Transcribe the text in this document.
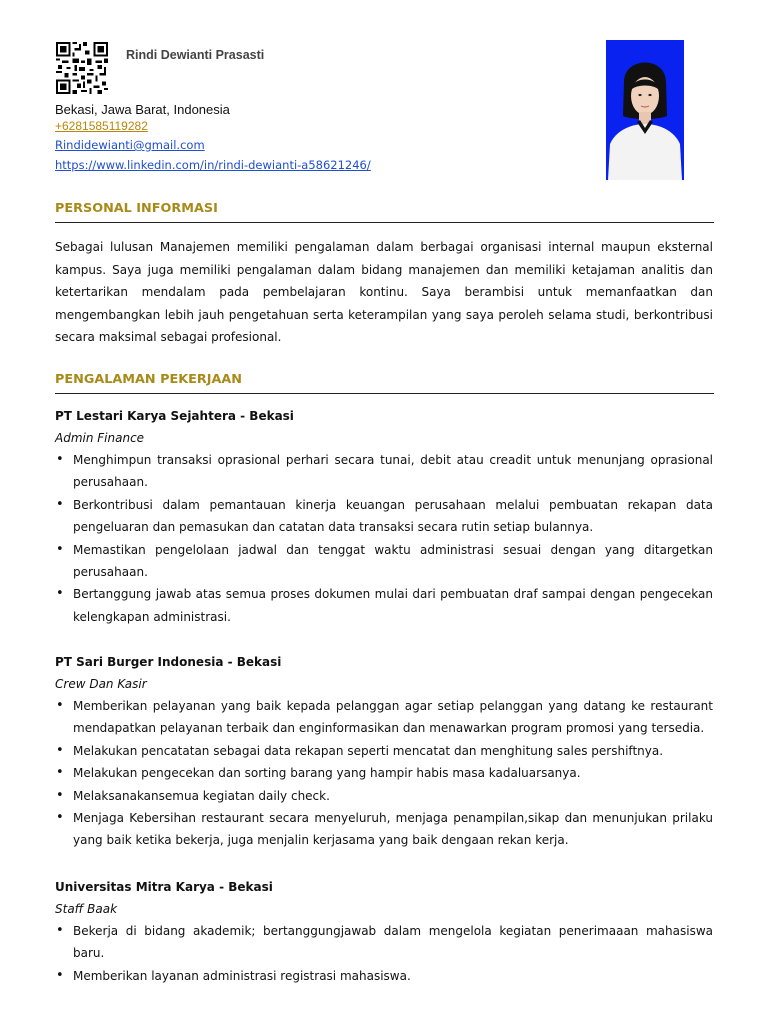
Rindi Dewianti Prasasti
Bekasi, Jawa Barat, Indonesia
+6281585119282
Rindidewianti@gmail.com
https://www.linkedin.com/in/rindi-dewianti-a58621246/
PERSONAL INFORMASI
Sebagai lulusan Manajemen memiliki pengalaman dalam berbagai organisasi internal maupun eksternal kampus. Saya juga memiliki pengalaman dalam bidang manajemen dan memiliki ketajaman analitis dan ketertarikan mendalam pada pembelajaran kontinu. Saya berambisi untuk memanfaatkan dan mengembangkan lebih jauh pengetahuan serta keterampilan yang saya peroleh selama studi, berkontribusi secara maksimal sebagai profesional.
PENGALAMAN PEKERJAAN
PT Lestari Karya Sejahtera - Bekasi
Admin Finance
• Menghimpun transaksi oprasional perhari secara tunai, debit atau creadit untuk menunjang oprasional perusahaan.
• Berkontribusi dalam pemantauan kinerja keuangan perusahaan melalui pembuatan rekapan data pengeluaran dan pemasukan dan catatan data transaksi secara rutin setiap bulannya.
• Memastikan pengelolaan jadwal dan tenggat waktu administrasi sesuai dengan yang ditargetkan perusahaan.
• Bertanggung jawab atas semua proses dokumen mulai dari pembuatan draf sampai dengan pengecekan kelengkapan administrasi.
PT Sari Burger Indonesia - Bekasi
Crew Dan Kasir
• Memberikan pelayanan yang baik kepada pelanggan agar setiap pelanggan yang datang ke restaurant mendapatkan pelayanan terbaik dan enginformasikan dan menawarkan program promosi yang tersedia.
• Melakukan pencatatan sebagai data rekapan seperti mencatat dan menghitung sales pershiftnya.
• Melakukan pengecekan dan sorting barang yang hampir habis masa kadaluarsanya.
• Melaksanakansemua kegiatan daily check.
• Menjaga Kebersihan restaurant secara menyeluruh, menjaga penampilan,sikap dan menunjukan prilaku yang baik ketika bekerja, juga menjalin kerjasama yang baik dengaan rekan kerja.
Universitas Mitra Karya - Bekasi
Staff Baak
• Bekerja di bidang akademik; bertanggungjawab dalam mengelola kegiatan penerimaaan mahasiswa baru.
• Memberikan layanan administrasi registrasi mahasiswa.
